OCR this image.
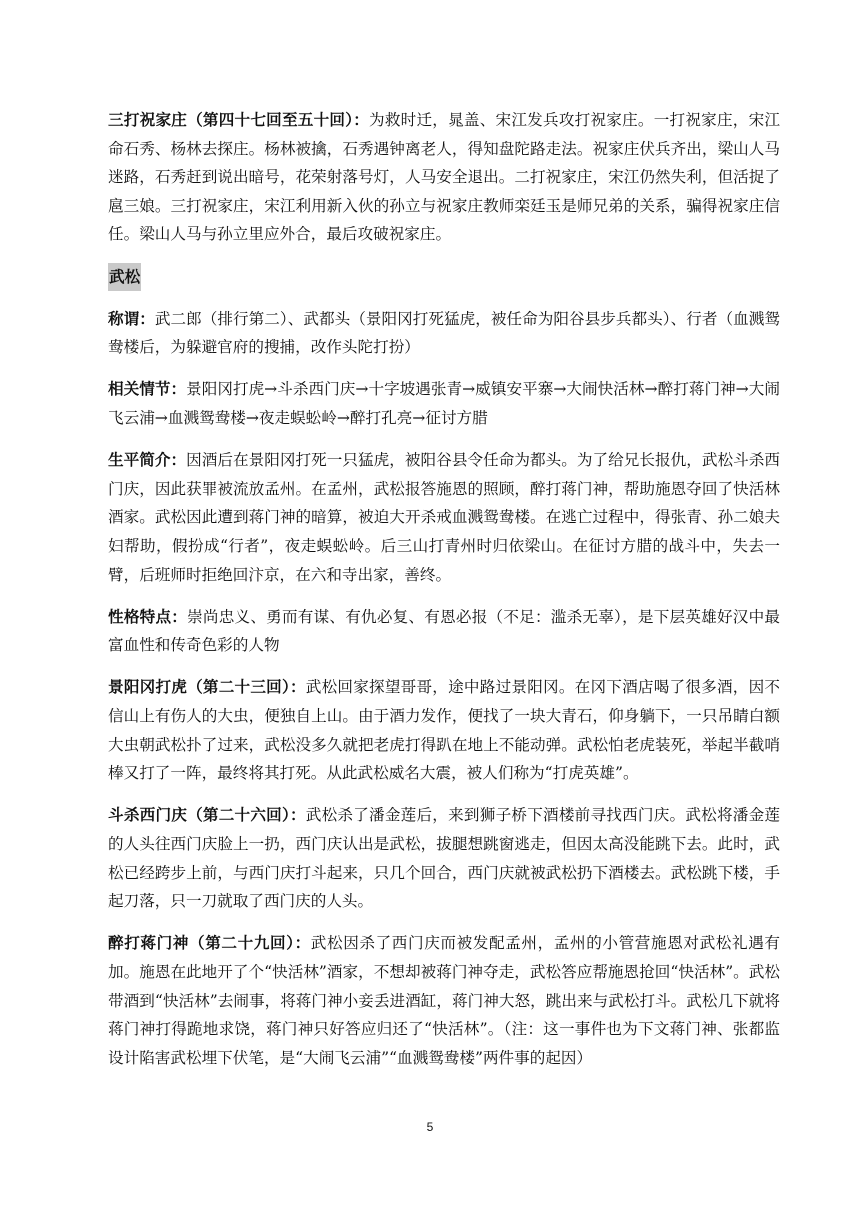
三打祝家庄（第四十七回至五十回）：为救时迁，晁盖、宋江发兵攻打祝家庄。一打祝家庄，宋江命石秀、杨林去探庄。杨林被擒，石秀遇钟离老人，得知盘陀路走法。祝家庄伏兵齐出，梁山人马迷路，石秀赶到说出暗号，花荣射落号灯，人马安全退出。二打祝家庄，宋江仍然失利，但活捉了扈三娘。三打祝家庄，宋江利用新入伙的孙立与祝家庄教师栾廷玉是师兄弟的关系，骗得祝家庄信任。梁山人马与孙立里应外合，最后攻破祝家庄。

武松

称谓：武二郎（排行第二）、武都头（景阳冈打死猛虎，被任命为阳谷县步兵都头）、行者（血溅鸳鸯楼后，为躲避官府的搜捕，改作头陀打扮）

相关情节：景阳冈打虎→斗杀西门庆→十字坡遇张青→威镇安平寨→大闹快活林→醉打蒋门神→大闹飞云浦→血溅鸳鸯楼→夜走蜈蚣岭→醉打孔亮→征讨方腊

生平简介：因酒后在景阳冈打死一只猛虎，被阳谷县令任命为都头。为了给兄长报仇，武松斗杀西门庆，因此获罪被流放孟州。在孟州，武松报答施恩的照顾，醉打蒋门神，帮助施恩夺回了快活林酒家。武松因此遭到蒋门神的暗算，被迫大开杀戒血溅鸳鸯楼。在逃亡过程中，得张青、孙二娘夫妇帮助，假扮成“行者”，夜走蜈蚣岭。后三山打青州时归依梁山。在征讨方腊的战斗中，失去一臂，后班师时拒绝回汴京，在六和寺出家，善终。

性格特点：崇尚忠义、勇而有谋、有仇必复、有恩必报（不足：滥杀无辜），是下层英雄好汉中最富血性和传奇色彩的人物

景阳冈打虎（第二十三回）：武松回家探望哥哥，途中路过景阳冈。在冈下酒店喝了很多酒，因不信山上有伤人的大虫，便独自上山。由于酒力发作，便找了一块大青石，仰身躺下，一只吊睛白额大虫朝武松扑了过来，武松没多久就把老虎打得趴在地上不能动弹。武松怕老虎装死，举起半截哨棒又打了一阵，最终将其打死。从此武松威名大震，被人们称为“打虎英雄”。

斗杀西门庆（第二十六回）：武松杀了潘金莲后，来到狮子桥下酒楼前寻找西门庆。武松将潘金莲的人头往西门庆脸上一扔，西门庆认出是武松，拔腿想跳窗逃走，但因太高没能跳下去。此时，武松已经跨步上前，与西门庆打斗起来，只几个回合，西门庆就被武松扔下酒楼去。武松跳下楼，手起刀落，只一刀就取了西门庆的人头。

醉打蒋门神（第二十九回）：武松因杀了西门庆而被发配孟州，孟州的小管营施恩对武松礼遇有加。施恩在此地开了个“快活林”酒家，不想却被蒋门神夺走，武松答应帮施恩抢回“快活林”。武松带酒到“快活林”去闹事，将蒋门神小妾丢进酒缸，蒋门神大怒，跳出来与武松打斗。武松几下就将蒋门神打得跪地求饶，蒋门神只好答应归还了“快活林”。（注：这一事件也为下文蒋门神、张都监设计陷害武松埋下伏笔，是“大闹飞云浦”“血溅鸳鸯楼”两件事的起因）

5
